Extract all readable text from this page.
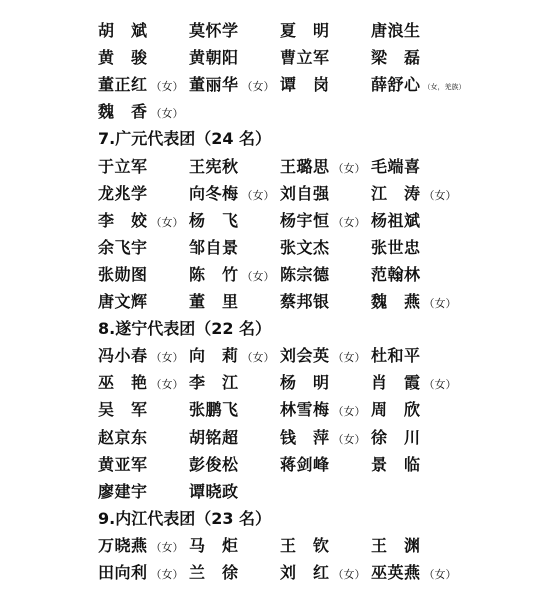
胡　斌	莫怀学	夏　明	唐浪生
黄　骏	黄朝阳	曹立军	梁　磊
董正红 （女） 董丽华 （女） 谭　岗	薛舒心 （女，羌族）
魏　香 （女）
7.广元代表团（24 名）
于立军	王宪秋	王璐思 （女） 毛端喜
龙兆学	向冬梅 （女） 刘自强	江　涛 （女）
李　姣 （女） 杨　飞	杨宇恒 （女） 杨祖斌
余飞宇	邹自景	张文杰	张世忠
张勋图	陈　竹 （女） 陈宗德	范翰林
唐文辉	董　里	蔡邦银	魏　燕 （女）
8.遂宁代表团（22 名）
冯小春 （女） 向　莉 （女） 刘会英 （女） 杜和平
巫　艳 （女） 李　江	杨　明	肖　霞 （女）
吴　军	张鹏飞	林雪梅 （女） 周　欣
赵京东	胡铭超	钱　萍 （女） 徐　川
黄亚军	彭俊松	蒋剑峰	景　临
廖建宇	谭晓政
9.内江代表团（23 名）
万晓燕 （女） 马　炬	王　钦	王　渊
田向利 （女） 兰　徐	刘　红 （女） 巫英燕 （女）
